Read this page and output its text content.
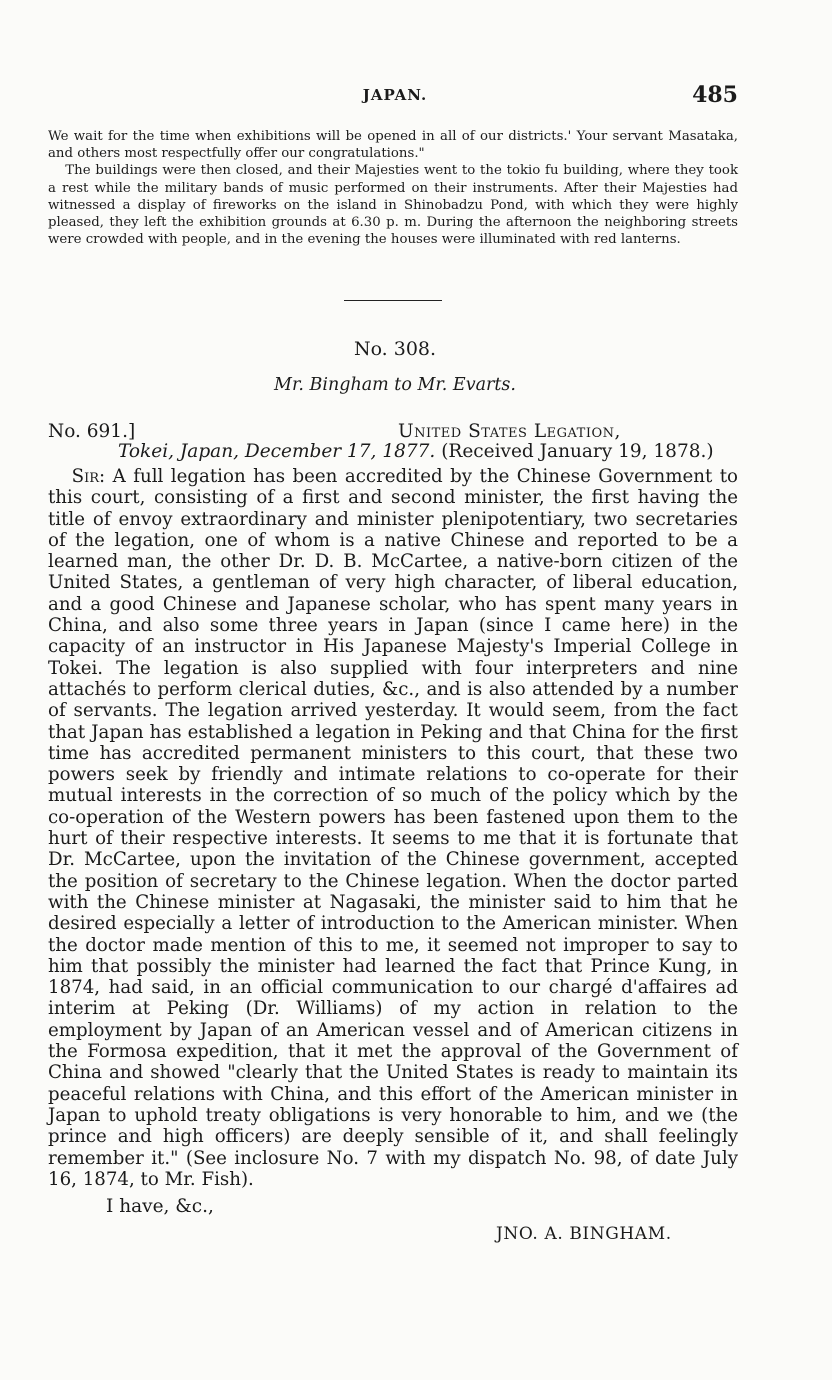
JAPAN.	485

We wait for the time when exhibitions will be opened in all of our districts.' Your servant Masataka, and others most respectfully offer our congratulations."

The buildings were then closed, and their Majesties went to the tokio fu building, where they took a rest while the military bands of music performed on their instruments. After their Majesties had witnessed a display of fireworks on the island in Shinobadzu Pond, with which they were highly pleased, they left the exhibition grounds at 6.30 p. m. During the afternoon the neighboring streets were crowded with people, and in the evening the houses were illuminated with red lanterns.

No. 308.
Mr. Bingham to Mr. Evarts.
No. 691.]	United States Legation,
Tokei, Japan, December 17, 1877. (Received January 19, 1878.)

Sir: A full legation has been accredited by the Chinese Government to this court, consisting of a first and second minister, the first having the title of envoy extraordinary and minister plenipotentiary, two secretaries of the legation, one of whom is a native Chinese and reported to be a learned man, the other Dr. D. B. McCartee, a native-born citizen of the United States, a gentleman of very high character, of liberal education, and a good Chinese and Japanese scholar, who has spent many years in China, and also some three years in Japan (since I came here) in the capacity of an instructor in His Japanese Majesty's Imperial College in Tokei. The legation is also supplied with four interpreters and nine attachés to perform clerical duties, &c., and is also attended by a number of servants. The legation arrived yesterday. It would seem, from the fact that Japan has established a legation in Peking and that China for the first time has accredited permanent ministers to this court, that these two powers seek by friendly and intimate relations to co-operate for their mutual interests in the correction of so much of the policy which by the co-operation of the Western powers has been fastened upon them to the hurt of their respective interests. It seems to me that it is fortunate that Dr. McCartee, upon the invitation of the Chinese government, accepted the position of secretary to the Chinese legation. When the doctor parted with the Chinese minister at Nagasaki, the minister said to him that he desired especially a letter of introduction to the American minister. When the doctor made mention of this to me, it seemed not improper to say to him that possibly the minister had learned the fact that Prince Kung, in 1874, had said, in an official communication to our chargé d'affaires ad interim at Peking (Dr. Williams) of my action in relation to the employment by Japan of an American vessel and of American citizens in the Formosa expedition, that it met the approval of the Government of China and showed "clearly that the United States is ready to maintain its peaceful relations with China, and this effort of the American minister in Japan to uphold treaty obligations is very honorable to him, and we (the prince and high officers) are deeply sensible of it, and shall feelingly remember it." (See inclosure No. 7 with my dispatch No. 98, of date July 16, 1874, to Mr. Fish).

I have, &c.,
JNO. A. BINGHAM.
